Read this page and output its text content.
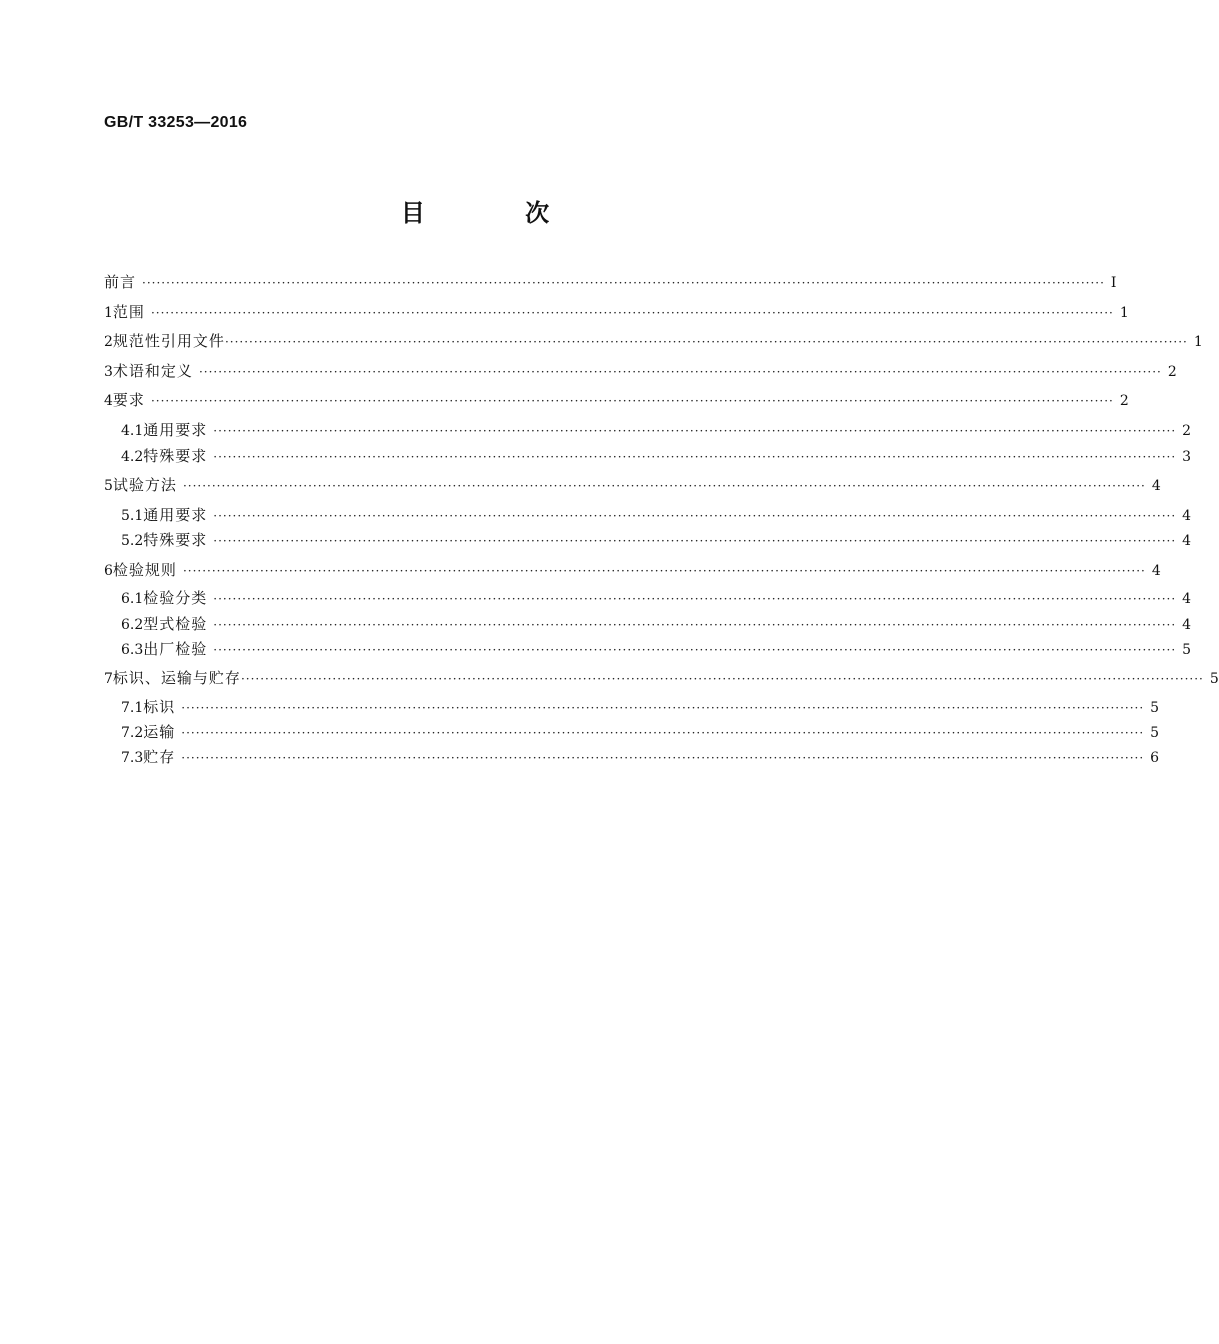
GB/T 33253—2016
目 次
前言 ········································································································································································································ Ⅰ
1 范围 ········································································································································································································ 1
2 规范性引用文件 ········································································································································································································ 1
3 术语和定义 ········································································································································································································ 2
4 要求 ········································································································································································································ 2
4.1 通用要求 ········································································································································································································ 2
4.2 特殊要求 ········································································································································································································ 3
5 试验方法 ········································································································································································································ 4
5.1 通用要求 ········································································································································································································ 4
5.2 特殊要求 ········································································································································································································ 4
6 检验规则 ········································································································································································································ 4
6.1 检验分类 ········································································································································································································ 4
6.2 型式检验 ········································································································································································································ 4
6.3 出厂检验 ········································································································································································································ 5
7 标识、运输与贮存 ········································································································································································································ 5
7.1 标识 ········································································································································································································ 5
7.2 运输 ········································································································································································································ 5
7.3 贮存 ········································································································································································································ 6
